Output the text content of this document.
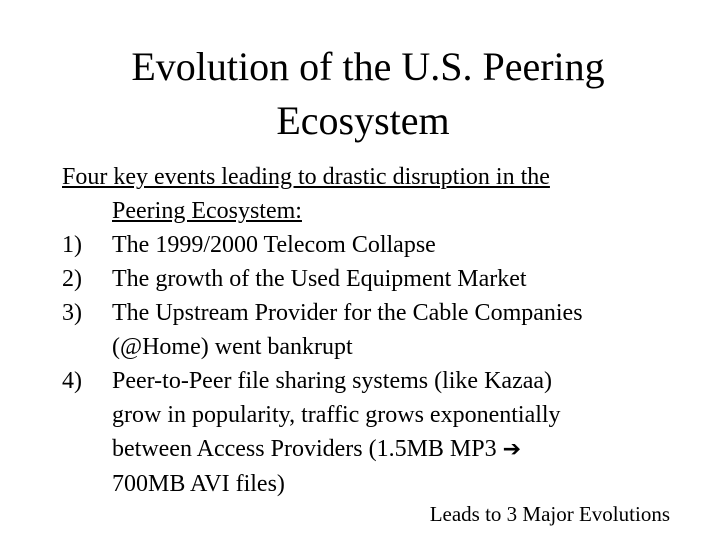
Evolution of the U.S. Peering
Ecosystem

Four key events leading to drastic disruption in the
Peering Ecosystem:

1) The 1999/2000 Telecom Collapse
2) The growth of the Used Equipment Market
3) The Upstream Provider for the Cable Companies
(@Home) went bankrupt
4) Peer-to-Peer file sharing systems (like Kazaa)
grow in popularity, traffic grows exponentially
between Access Providers (1.5MB MP3 ➔
700MB AVI files)
Leads to 3 Major Evolutions
